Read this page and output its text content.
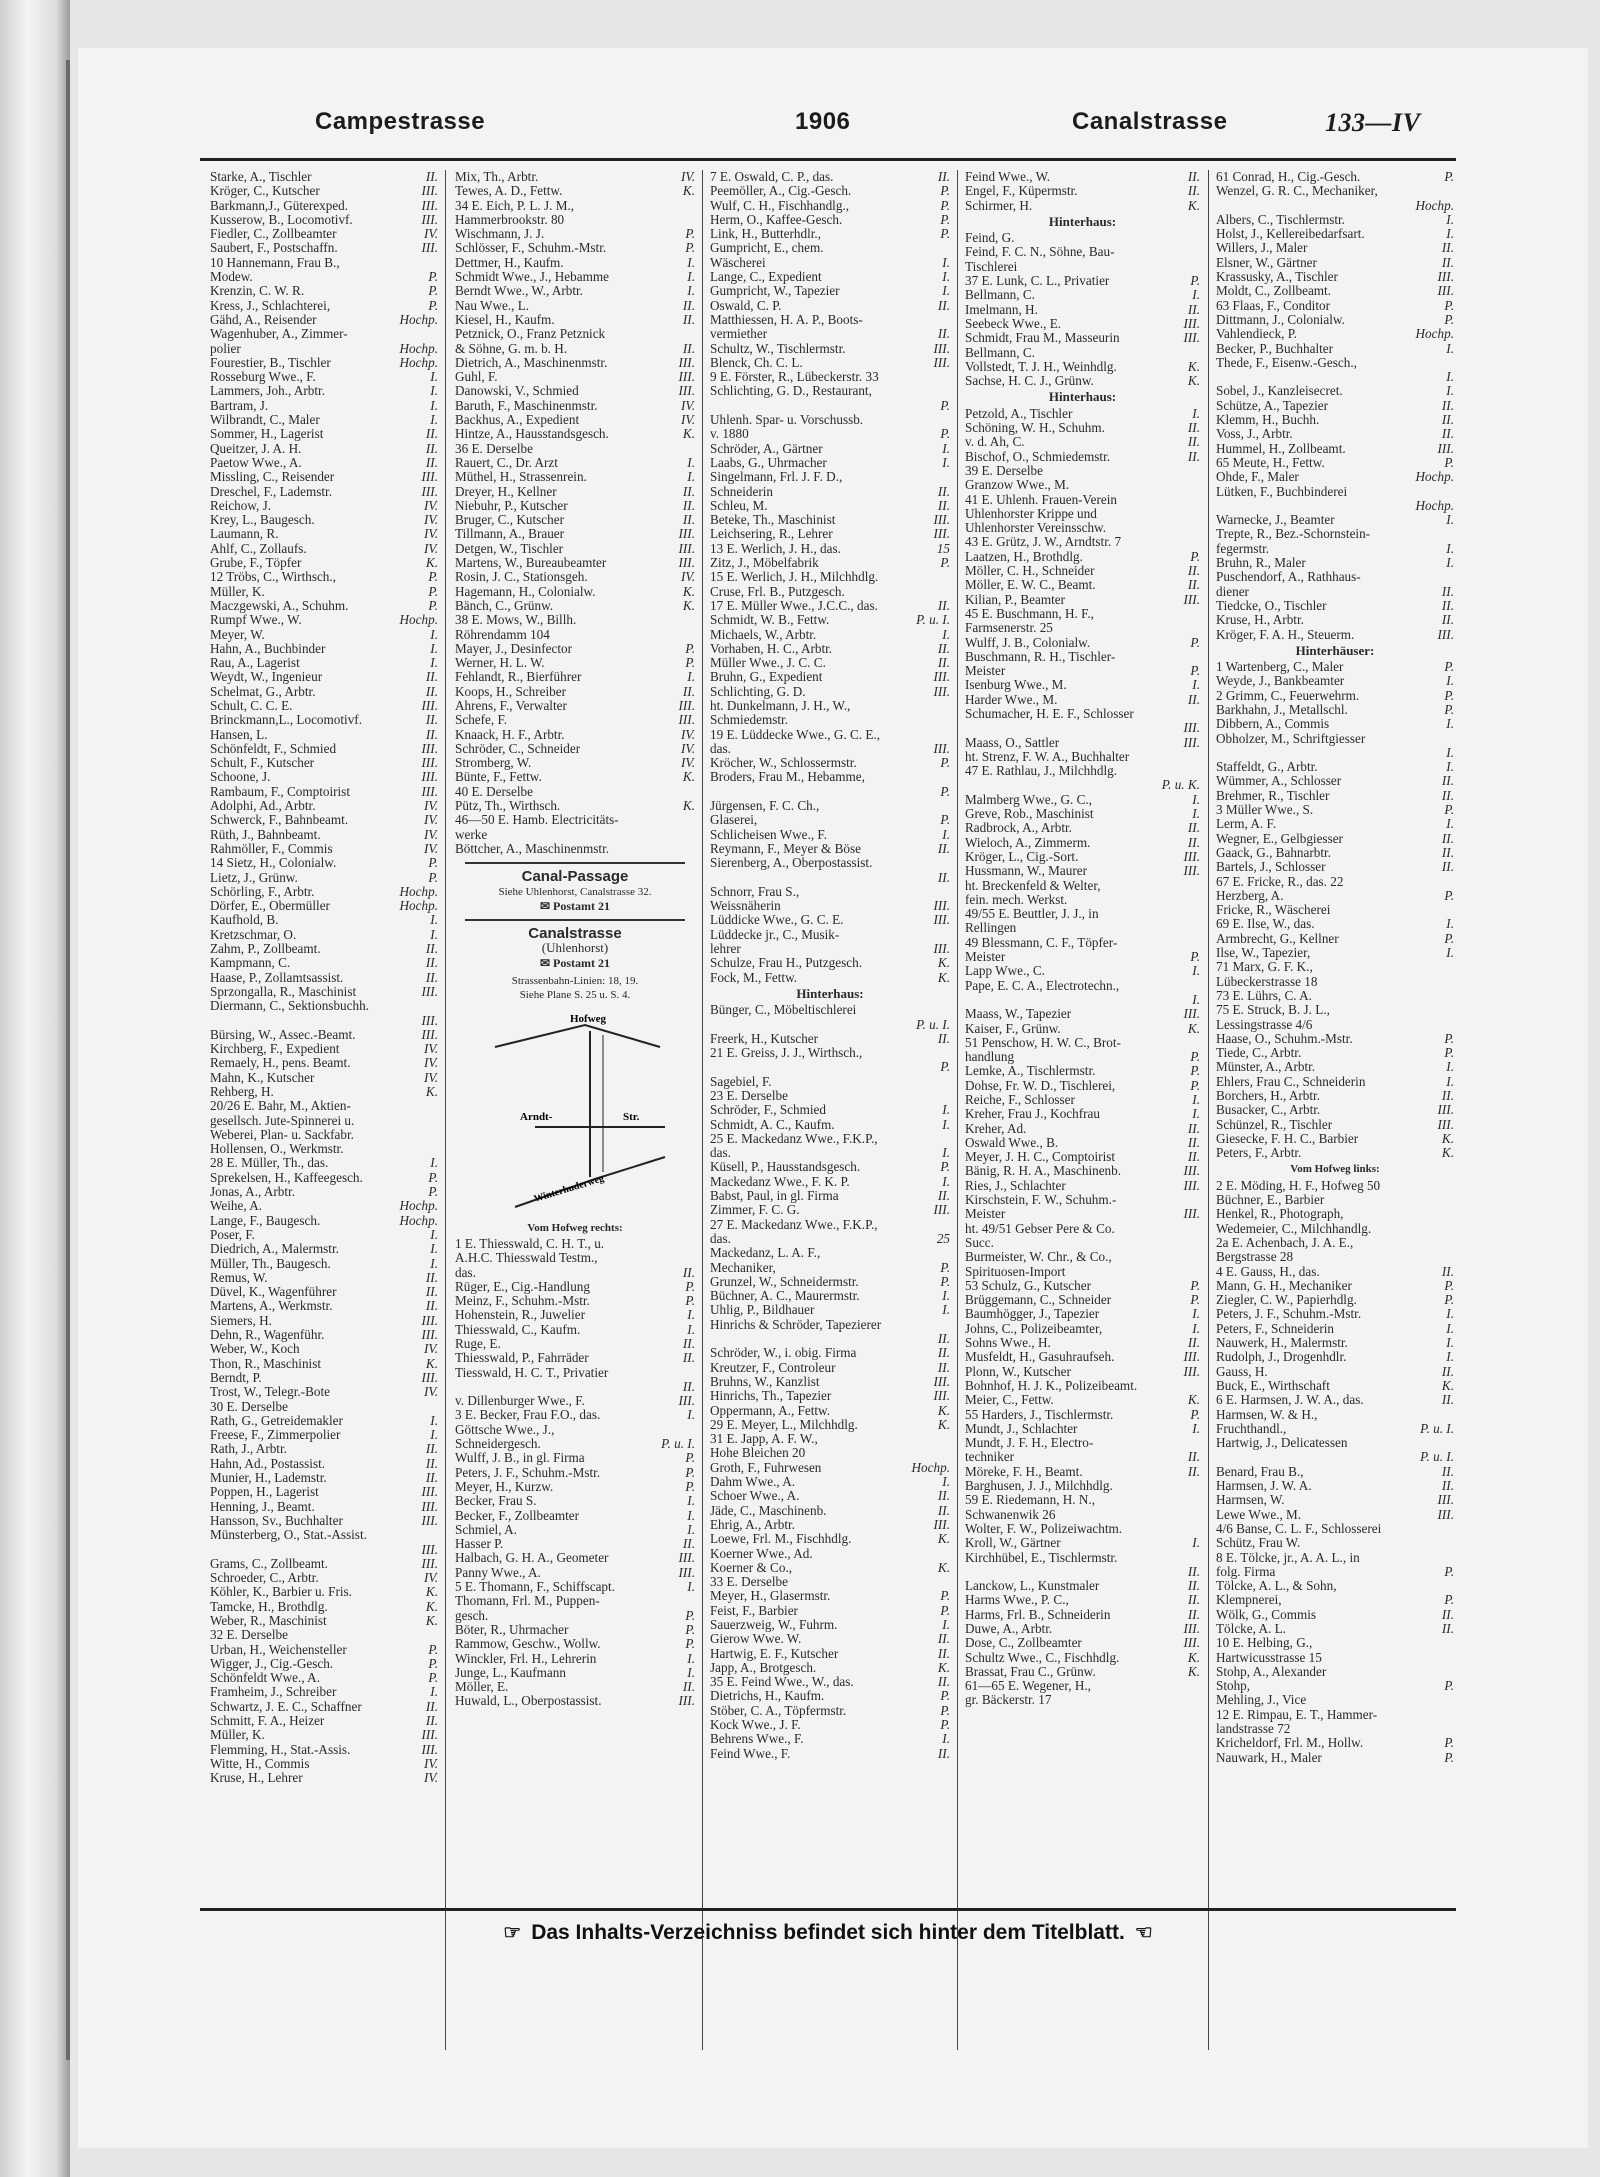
Campestrasse	1906	Canalstrasse	133—IV
Starke, A., Tischler	II.
Kröger, C., Kutscher	III.
Barkmann,J., Güterexped.	III.
Kusserow, B., Locomotivf.	III.
Fiedler, C., Zollbeamter	IV.
Saubert, F., Postschaffn.	III.
10 Hannemann, Frau B.,
Modew.	P.
Krenzin, C. W. R.	P.
Kress, J., Schlachterei,	P.
Gähd, A., Reisender	Hochp.
Wagenhuber, A., Zimmer-
polier	Hochp.
Fourestier, B., Tischler	Hochp.
Rosseburg Wwe., F.	I.
Lammers, Joh., Arbtr.	I.
Bartram, J.	I.
Wilbrandt, C., Maler	I.
Sommer, H., Lagerist	II.
Queitzer, J. A. H.	II.
Paetow Wwe., A.	II.
Missling, C., Reisender	III.
Dreschel, F., Lademstr.	III.
Reichow, J.	IV.
Krey, L., Baugesch.	IV.
Laumann, R.	IV.
Ahlf, C., Zollaufs.	IV.
Grube, F., Töpfer	K.
12 Tröbs, C., Wirthsch.,	P.
Müller, K.	P.
Maczgewski, A., Schuhm.	P.
Rumpf Wwe., W.	Hochp.
Meyer, W.	I.
Hahn, A., Buchbinder	I.
Rau, A., Lagerist	I.
Weydt, W., Ingenieur	II.
Schelmat, G., Arbtr.	II.
Schult, C. C. E.	III.
Brinckmann,L., Locomotivf.	II.
Hansen, L.	II.
Schönfeldt, F., Schmied	III.
Schult, F., Kutscher	III.
Schoone, J.	III.
Rambaum, F., Comptoirist	III.
Adolphi, Ad., Arbtr.	IV.
Schwerck, F., Bahnbeamt.	IV.
Rüth, J., Bahnbeamt.	IV.
Rahmöller, F., Commis	IV.
14 Sietz, H., Colonialw.	P.
Lietz, J., Grünw.	P.
Schörling, F., Arbtr.	Hochp.
Dörfer, E., Obermüller	Hochp.
Kaufhold, B.	I.
Kretzschmar, O.	I.
Zahm, P., Zollbeamt.	II.
Kampmann, C.	II.
Haase, P., Zollamtsassist.	II.
Sprzongalla, R., Maschinist	III.
Diermann, C., Sektionsbuchh.
III.
Bürsing, W., Assec.-Beamt.	III.
Kirchberg, F., Expedient	IV.
Remaely, H., pens. Beamt.	IV.
Mahn, K., Kutscher	IV.
Rehberg, H.	K.
20/26 E. Bahr, M., Aktien-
gesellsch. Jute-Spinnerei u.
Weberei, Plan- u. Sackfabr.
Hollensen, O., Werkmstr.
28 E. Müller, Th., das.	I.
Sprekelsen, H., Kaffeegesch.	P.
Jonas, A., Arbtr.	P.
Weihe, A.	Hochp.
Lange, F., Baugesch.	Hochp.
Poser, F.	I.
Diedrich, A., Malermstr.	I.
Müller, Th., Baugesch.	I.
Remus, W.	II.
Düvel, K., Wagenführer	II.
Martens, A., Werkmstr.	II.
Siemers, H.	III.
Dehn, R., Wagenführ.	III.
Weber, W., Koch	IV.
Thon, R., Maschinist	K.
Berndt, P.	III.
Trost, W., Telegr.-Bote	IV.
30 E. Derselbe
Rath, G., Getreidemakler	I.
Freese, F., Zimmerpolier	I.
Rath, J., Arbtr.	II.
Hahn, Ad., Postassist.	II.
Munier, H., Lademstr.	II.
Poppen, H., Lagerist	III.
Henning, J., Beamt.	III.
Hansson, Sv., Buchhalter	III.
Münsterberg, O., Stat.-Assist.
III.
Grams, C., Zollbeamt.	III.
Schroeder, C., Arbtr.	IV.
Köhler, K., Barbier u. Fris.	K.
Tamcke, H., Brothdlg.	K.
Weber, R., Maschinist	K.
32 E. Derselbe
Urban, H., Weichensteller	P.
Wigger, J., Cig.-Gesch.	P.
Schönfeldt Wwe., A.	P.
Framheim, J., Schreiber	I.
Schwartz, J. E. C., Schaffner	II.
Schmitt, F. A., Heizer	II.
Müller, K.	III.
Flemming, H., Stat.-Assis.	III.
Witte, H., Commis	IV.
Kruse, H., Lehrer	IV.
Mix, Th., Arbtr.	IV.
Tewes, A. D., Fettw.	K.
34 E. Eich, P. L. J. M.,
Hammerbrookstr. 80
Wischmann, J. J.	P.
Schlösser, F., Schuhm.-Mstr.	P.
Dettmer, H., Kaufm.	I.
Schmidt Wwe., J., Hebamme	I.
Berndt Wwe., W., Arbtr.	I.
Nau Wwe., L.	II.
Kiesel, H., Kaufm.	II.
Petznick, O., Franz Petznick
& Söhne, G. m. b. H.	II.
Dietrich, A., Maschinenmstr.	III.
Guhl, F.	III.
Danowski, V., Schmied	III.
Baruth, F., Maschinenmstr.	IV.
Backhus, A., Expedient	IV.
Hintze, A., Hausstandsgesch.	K.
36 E. Derselbe
Rauert, C., Dr. Arzt	I.
Müthel, H., Strassenrein.	I.
Dreyer, H., Kellner	II.
Niebuhr, P., Kutscher	II.
Bruger, C., Kutscher	II.
Tillmann, A., Brauer	III.
Detgen, W., Tischler	III.
Martens, W., Bureaubeamter	III.
Rosin, J. C., Stationsgeh.	IV.
Hagemann, H., Colonialw.	K.
Bänch, C., Grünw.	K.
38 E. Mows, W., Billh.
Röhrendamm 104
Mayer, J., Desinfector	P.
Werner, H. L. W.	P.
Fehlandt, R., Bierführer	I.
Koops, H., Schreiber	II.
Ahrens, F., Verwalter	III.
Schefe, F.	III.
Knaack, H. F., Arbtr.	IV.
Schröder, C., Schneider	IV.
Stromberg, W.	IV.
Bünte, F., Fettw.	K.
40 E. Derselbe
Pütz, Th., Wirthsch.	K.
46—50 E. Hamb. Electricitäts-
werke
Böttcher, A., Maschinenmstr.
Canal-Passage
Siehe Uhlenhorst, Canalstrasse 32.
✉ Postamt 21
Canalstrasse
(Uhlenhorst)
✉ Postamt 21
Strassenbahn-Linien: 18, 19.
Siehe Plane S. 25 u. S. 4.
Hofweg
Arndt-	Str.
Winterhuderweg
Vom Hofweg rechts:
1 E. Thiesswald, C. H. T., u.
A.H.C. Thiesswald Testm.,
das.	II.
Rüger, E., Cig.-Handlung	P.
Meinz, F., Schuhm.-Mstr.	P.
Hohenstein, R., Juwelier	I.
Thiesswald, C., Kaufm.	I.
Ruge, E.	II.
Thiesswald, P., Fahrräder	II.
Tiesswald, H. C. T., Privatier
II.
v. Dillenburger Wwe., F.	III.
3 E. Becker, Frau F.O., das.	I.
Göttsche Wwe., J.,
Schneidergesch.	P. u. I.
Wulff, J. B., in gl. Firma	P.
Peters, J. F., Schuhm.-Mstr.	P.
Meyer, H., Kurzw.	P.
Becker, Frau S.	I.
Becker, F., Zollbeamter	I.
Schmiel, A.	I.
Hasser P.	II.
Halbach, G. H. A., Geometer	III.
Panny Wwe., A.	III.
5 E. Thomann, F., Schiffscapt.	I.
Thomann, Frl. M., Puppen-
gesch.	P.
Böter, R., Uhrmacher	P.
Rammow, Geschw., Wollw.	P.
Winckler, Frl. H., Lehrerin	I.
Junge, L., Kaufmann	I.
Möller, E.	II.
Huwald, L., Oberpostassist.	III.
7 E. Oswald, C. P., das.	II.
Peemöller, A., Cig.-Gesch.	P.
Wulf, C. H., Fischhandlg.,	P.
Herm, O., Kaffee-Gesch.	P.
Link, H., Butterhdlr.,	P.
Gumpricht, E., chem.
Wäscherei	I.
Lange, C., Expedient	I.
Gumpricht, W., Tapezier	I.
Oswald, C. P.	II.
Matthiessen, H. A. P., Boots-
vermiether	II.
Schultz, W., Tischlermstr.	III.
Blenck, Ch. C. L.	III.
9 E. Förster, R., Lübeckerstr. 33
Schlichting, G. D., Restaurant,
P.
Uhlenh. Spar- u. Vorschussb.
v. 1880	P.
Schröder, A., Gärtner	I.
Laabs, G., Uhrmacher	I.
Singelmann, Frl. J. F. D.,
Schneiderin	II.
Schleu, M.	II.
Beteke, Th., Maschinist	III.
Leichsering, R., Lehrer	III.
13 E. Werlich, J. H., das.	15
Zitz, J., Möbelfabrik	P.
15 E. Werlich, J. H., Milchhdlg.
Cruse, Frl. B., Putzgesch.
17 E. Müller Wwe., J.C.C., das.	II.
Schmidt, W. B., Fettw.	P. u. I.
Michaels, W., Arbtr.	I.
Vorhaben, H. C., Arbtr.	II.
Müller Wwe., J. C. C.	II.
Bruhn, G., Expedient	III.
Schlichting, G. D.	III.
ht. Dunkelmann, J. H., W.,
Schmiedemstr.
19 E. Lüddecke Wwe., G. C. E.,
das.	III.
Kröcher, W., Schlossermstr.	P.
Broders, Frau M., Hebamme,
P.
Jürgensen, F. C. Ch.,
Glaserei,	P.
Schlicheisen Wwe., F.	I.
Reymann, F., Meyer & Böse	II.
Sierenberg, A., Oberpostassist.
II.
Schnorr, Frau S.,
Weissnäherin	III.
Lüddicke Wwe., G. C. E.	III.
Lüddecke jr., C., Musik-
lehrer	III.
Schulze, Frau H., Putzgesch.	K.
Fock, M., Fettw.	K.
Hinterhaus:
Bünger, C., Möbeltischlerei
P. u. I.
Freerk, H., Kutscher	II.
21 E. Greiss, J. J., Wirthsch.,
P.
Sagebiel, F.
23 E. Derselbe
Schröder, F., Schmied	I.
Schmidt, A. C., Kaufm.	I.
25 E. Mackedanz Wwe., F.K.P.,
das.	I.
Küsell, P., Hausstandsgesch.	P.
Mackedanz Wwe., F. K. P.	I.
Babst, Paul, in gl. Firma	II.
Zimmer, F. C. G.	III.
27 E. Mackedanz Wwe., F.K.P.,
das.	25
Mackedanz, L. A. F.,
Mechaniker,	P.
Grunzel, W., Schneidermstr.	P.
Büchner, A. C., Maurermstr.	I.
Uhlig, P., Bildhauer	I.
Hinrichs & Schröder, Tapezierer
II.
Schröder, W., i. obig. Firma	II.
Kreutzer, F., Controleur	II.
Bruhns, W., Kanzlist	III.
Hinrichs, Th., Tapezier	III.
Oppermann, A., Fettw.	K.
29 E. Meyer, L., Milchhdlg.	K.
31 E. Japp, A. F. W.,
Hohe Bleichen 20
Groth, F., Fuhrwesen	Hochp.
Dahm Wwe., A.	I.
Schoer Wwe., A.	II.
Jäde, C., Maschinenb.	II.
Ehrig, A., Arbtr.	III.
Loewe, Frl. M., Fischhdlg.	K.
Koerner Wwe., Ad.
Koerner & Co.,	K.
33 E. Derselbe
Meyer, H., Glasermstr.	P.
Feist, F., Barbier	P.
Sauerzweig, W., Fuhrm.	I.
Gierow Wwe. W.	II.
Hartwig, E. F., Kutscher	II.
Japp, A., Brotgesch.	K.
35 E. Feind Wwe., W., das.	II.
Dietrichs, H., Kaufm.	P.
Stöber, C. A., Töpfermstr.	P.
Kock Wwe., J. F.	P.
Behrens Wwe., F.	I.
Feind Wwe., F.	II.
Feind Wwe., W.	II.
Engel, F., Küpermstr.	II.
Schirmer, H.	K.
Hinterhaus:
Feind, G.
Feind, F. C. N., Söhne, Bau-
Tischlerei
37 E. Lunk, C. L., Privatier	P.
Bellmann, C.	I.
Imelmann, H.	II.
Seebeck Wwe., E.	III.
Schmidt, Frau M., Masseurin	III.
Bellmann, C.
Vollstedt, T. J. H., Weinhdlg.	K.
Sachse, H. C. J., Grünw.	K.
Hinterhaus:
Petzold, A., Tischler	I.
Schöning, W. H., Schuhm.	II.
v. d. Ah, C.	II.
Bischof, O., Schmiedemstr.	II.
39 E. Derselbe
Granzow Wwe., M.
41 E. Uhlenh. Frauen-Verein
Uhlenhorster Krippe und
Uhlenhorster Vereinsschw.
43 E. Grütz, J. W., Arndtstr. 7
Laatzen, H., Brothdlg.	P.
Möller, C. H., Schneider	II.
Möller, E. W. C., Beamt.	II.
Kilian, P., Beamter	III.
45 E. Buschmann, H. F.,
Farmsenerstr. 25
Wulff, J. B., Colonialw.	P.
Buschmann, R. H., Tischler-
Meister	P.
Isenburg Wwe., M.	I.
Harder Wwe., M.	II.
Schumacher, H. E. F., Schlosser
III.
Maass, O., Sattler	III.
ht. Strenz, F. W. A., Buchhalter
47 E. Rathlau, J., Milchhdlg.
P. u. K.
Malmberg Wwe., G. C.,	I.
Greve, Rob., Maschinist	I.
Radbrock, A., Arbtr.	II.
Wieloch, A., Zimmerm.	II.
Kröger, L., Cig.-Sort.	III.
Hussmann, W., Maurer	III.
ht. Breckenfeld & Welter,
fein. mech. Werkst.
49/55 E. Beuttler, J. J., in
Rellingen
49 Blessmann, C. F., Töpfer-
Meister	P.
Lapp Wwe., C.	I.
Pape, E. C. A., Electrotechn.,
I.
Maass, W., Tapezier	III.
Kaiser, F., Grünw.	K.
51 Penschow, H. W. C., Brot-
handlung	P.
Lemke, A., Tischlermstr.	P.
Dohse, Fr. W. D., Tischlerei,	P.
Reiche, F., Schlosser	I.
Kreher, Frau J., Kochfrau	I.
Kreher, Ad.	II.
Oswald Wwe., B.	II.
Meyer, J. H. C., Comptoirist	II.
Bänig, R. H. A., Maschinenb.	III.
Ries, J., Schlachter	III.
Kirschstein, F. W., Schuhm.-
Meister	III.
ht. 49/51 Gebser Pere & Co.
Succ.
Burmeister, W. Chr., & Co.,
Spirituosen-Import
53 Schulz, G., Kutscher	P.
Brüggemann, C., Schneider	P.
Baumhögger, J., Tapezier	I.
Johns, C., Polizeibeamter,	I.
Sohns Wwe., H.	II.
Musfeldt, H., Gasuhraufseh.	III.
Plonn, W., Kutscher	III.
Bohnhof, H. J. K., Polizeibeamt.
Meier, C., Fettw.	K.
55 Harders, J., Tischlermstr.	P.
Mundt, J., Schlachter	I.
Mundt, J. F. H., Electro-
techniker	II.
Möreke, F. H., Beamt.	II.
Barghusen, J. J., Milchhdlg.
59 E. Riedemann, H. N.,
Schwanenwik 26
Wolter, F. W., Polizeiwachtm.
Kroll, W., Gärtner	I.
Kirchhübel, E., Tischlermstr.
II.
Lanckow, L., Kunstmaler	II.
Harms Wwe., P. C.,	II.
Harms, Frl. B., Schneiderin	II.
Duwe, A., Arbtr.	III.
Dose, C., Zollbeamter	III.
Schultz Wwe., C., Fischhdlg.	K.
Brassat, Frau C., Grünw.	K.
61—65 E. Wegener, H.,
gr. Bäckerstr. 17
61 Conrad, H., Cig.-Gesch.	P.
Wenzel, G. R. C., Mechaniker,
Hochp.
Albers, C., Tischlermstr.	I.
Holst, J., Kellereibedarfsart.	I.
Willers, J., Maler	II.
Elsner, W., Gärtner	II.
Krassusky, A., Tischler	III.
Moldt, C., Zollbeamt.	III.
63 Flaas, F., Conditor	P.
Dittmann, J., Colonialw.	P.
Vahlendieck, P.	Hochp.
Becker, P., Buchhalter	I.
Thede, F., Eisenw.-Gesch.,
I.
Sobel, J., Kanzleisecret.	I.
Schütze, A., Tapezier	II.
Klemm, H., Buchh.	II.
Voss, J., Arbtr.	II.
Hummel, H., Zollbeamt.	III.
65 Meute, H., Fettw.	P.
Ohde, F., Maler	Hochp.
Lütken, F., Buchbinderei
Hochp.
Warnecke, J., Beamter	I.
Trepte, R., Bez.-Schornstein-
fegermstr.	I.
Bruhn, R., Maler	I.
Puschendorf, A., Rathhaus-
diener	II.
Tiedcke, O., Tischler	II.
Kruse, H., Arbtr.	II.
Kröger, F. A. H., Steuerm.	III.
Hinterhäuser:
1 Wartenberg, C., Maler	P.
Weyde, J., Bankbeamter	I.
2 Grimm, C., Feuerwehrm.	P.
Barkhahn, J., Metallschl.	P.
Dibbern, A., Commis	I.
Obholzer, M., Schriftgiesser
I.
Staffeldt, G., Arbtr.	I.
Wümmer, A., Schlosser	II.
Brehmer, R., Tischler	II.
3 Müller Wwe., S.	P.
Lerm, A. F.	I.
Wegner, E., Gelbgiesser	II.
Gaack, G., Bahnarbtr.	II.
Bartels, J., Schlosser	II.
67 E. Fricke, R., das. 22
Herzberg, A.	P.
Fricke, R., Wäscherei
69 E. Ilse, W., das.	I.
Armbrecht, G., Kellner	P.
Ilse, W., Tapezier,	I.
71 Marx, G. F. K.,
Lübeckerstrasse 18
73 E. Lührs, C. A.
75 E. Struck, B. J. L.,
Lessingstrasse 4/6
Haase, O., Schuhm.-Mstr.	P.
Tiede, C., Arbtr.	P.
Münster, A., Arbtr.	I.
Ehlers, Frau C., Schneiderin	I.
Borchers, H., Arbtr.	II.
Busacker, C., Arbtr.	III.
Schünzel, R., Tischler	III.
Giesecke, F. H. C., Barbier	K.
Peters, F., Arbtr.	K.
Vom Hofweg links:
2 E. Möding, H. F., Hofweg 50
Büchner, E., Barbier
Henkel, R., Photograph,
Wedemeier, C., Milchhandlg.
2a E. Achenbach, J. A. E.,
Bergstrasse 28
4 E. Gauss, H., das.	II.
Mann, G. H., Mechaniker	P.
Ziegler, C. W., Papierhdlg.	P.
Peters, J. F., Schuhm.-Mstr.	I.
Peters, F., Schneiderin	I.
Nauwerk, H., Malermstr.	I.
Rudolph, J., Drogenhdlr.	I.
Gauss, H.	II.
Buck, E., Wirthschaft	K.
6 E. Harmsen, J. W. A., das.	II.
Harmsen, W. & H.,
Fruchthandl.,	P. u. I.
Hartwig, J., Delicatessen
P. u. I.
Benard, Frau B.,	II.
Harmsen, J. W. A.	II.
Harmsen, W.	III.
Lewe Wwe., M.	III.
4/6 Banse, C. L. F., Schlosserei
Schütz, Frau W.
8 E. Tölcke, jr., A. A. L., in
folg. Firma	P.
Tölcke, A. L., & Sohn,
Klempnerei,	P.
Wölk, G., Commis	II.
Tölcke, A. L.	II.
10 E. Helbing, G.,
Hartwicusstrasse 15
Stohp, A., Alexander
Stohp,	P.
Mehling, J., Vice
12 E. Rimpau, E. T., Hammer-
landstrasse 72
Kricheldorf, Frl. M., Hollw.	P.
Nauwark, H., Maler	P.
☞ Das Inhalts-Verzeichniss befindet sich hinter dem Titelblatt. ☜
